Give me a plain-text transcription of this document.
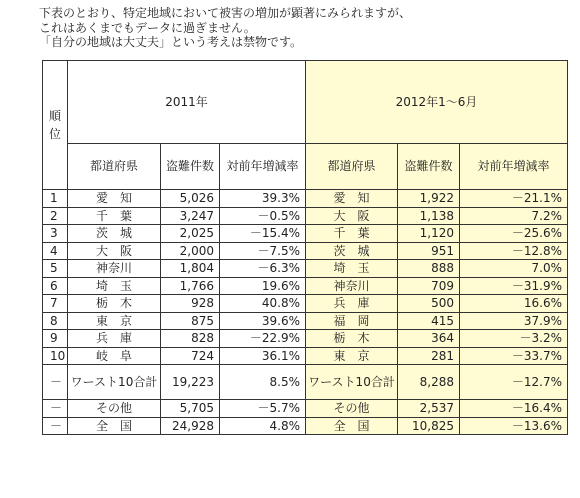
下表のとおり、特定地域において被害の増加が顕著にみられますが、
これはあくまでもデータに過ぎません。
「自分の地域は大丈夫」という考えは禁物です。
順
位	2011年			2012年1～6月		
	都道府県	盗難件数	対前年増減率	都道府県	盗難件数	対前年増減率
1	愛　知	5,026	39.3%	愛　知	1,922	－21.1%
2	千　葉	3,247	－0.5%	大　阪	1,138	7.2%
3	茨　城	2,025	－15.4%	千　葉	1,120	－25.6%
4	大　阪	2,000	－7.5%	茨　城	951	－12.8%
5	神奈川	1,804	－6.3%	埼　玉	888	7.0%
6	埼　玉	1,766	19.6%	神奈川	709	－31.9%
7	栃　木	928	40.8%	兵　庫	500	16.6%
8	東　京	875	39.6%	福　岡	415	37.9%
9	兵　庫	828	－22.9%	栃　木	364	－3.2%
10	岐　阜	724	36.1%	東　京	281	－33.7%
－	ワースト10合計	19,223	8.5%	ワースト10合計	8,288	－12.7%
－	その他	5,705	－5.7%	その他	2,537	－16.4%
－	全　国	24,928	4.8%	全　国	10,825	－13.6%
